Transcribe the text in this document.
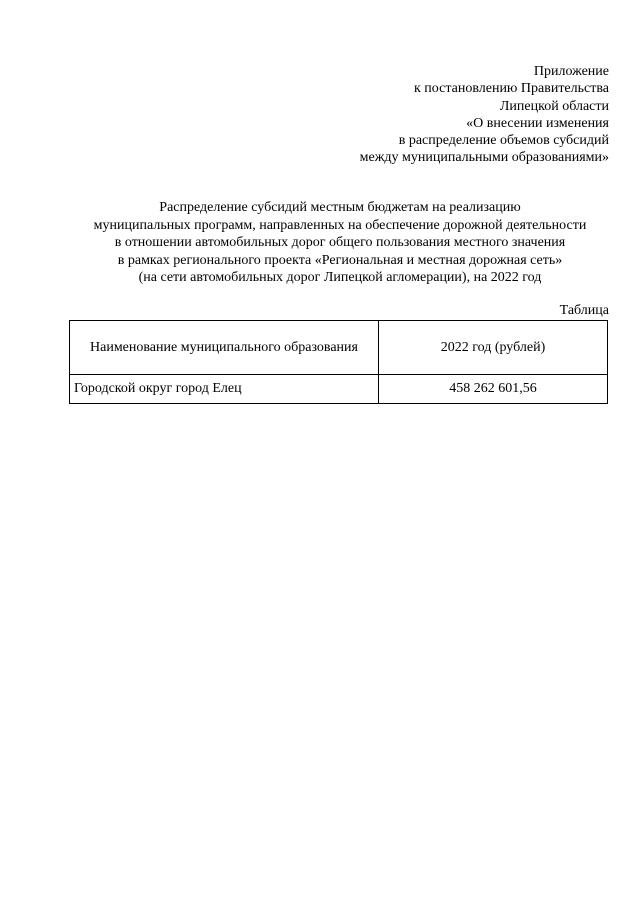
Приложение
к постановлению Правительства
Липецкой области
«О внесении изменения
в распределение объемов субсидий
между муниципальными образованиями»
Распределение субсидий местным бюджетам на реализацию
муниципальных программ, направленных на обеспечение дорожной деятельности
в отношении автомобильных дорог общего пользования местного значения
в рамках регионального проекта «Региональная и местная дорожная сеть»
(на сети автомобильных дорог Липецкой агломерации), на 2022 год
Таблица
Наименование муниципального образования	2022 год (рублей)
Городской округ город Елец	458 262 601,56
